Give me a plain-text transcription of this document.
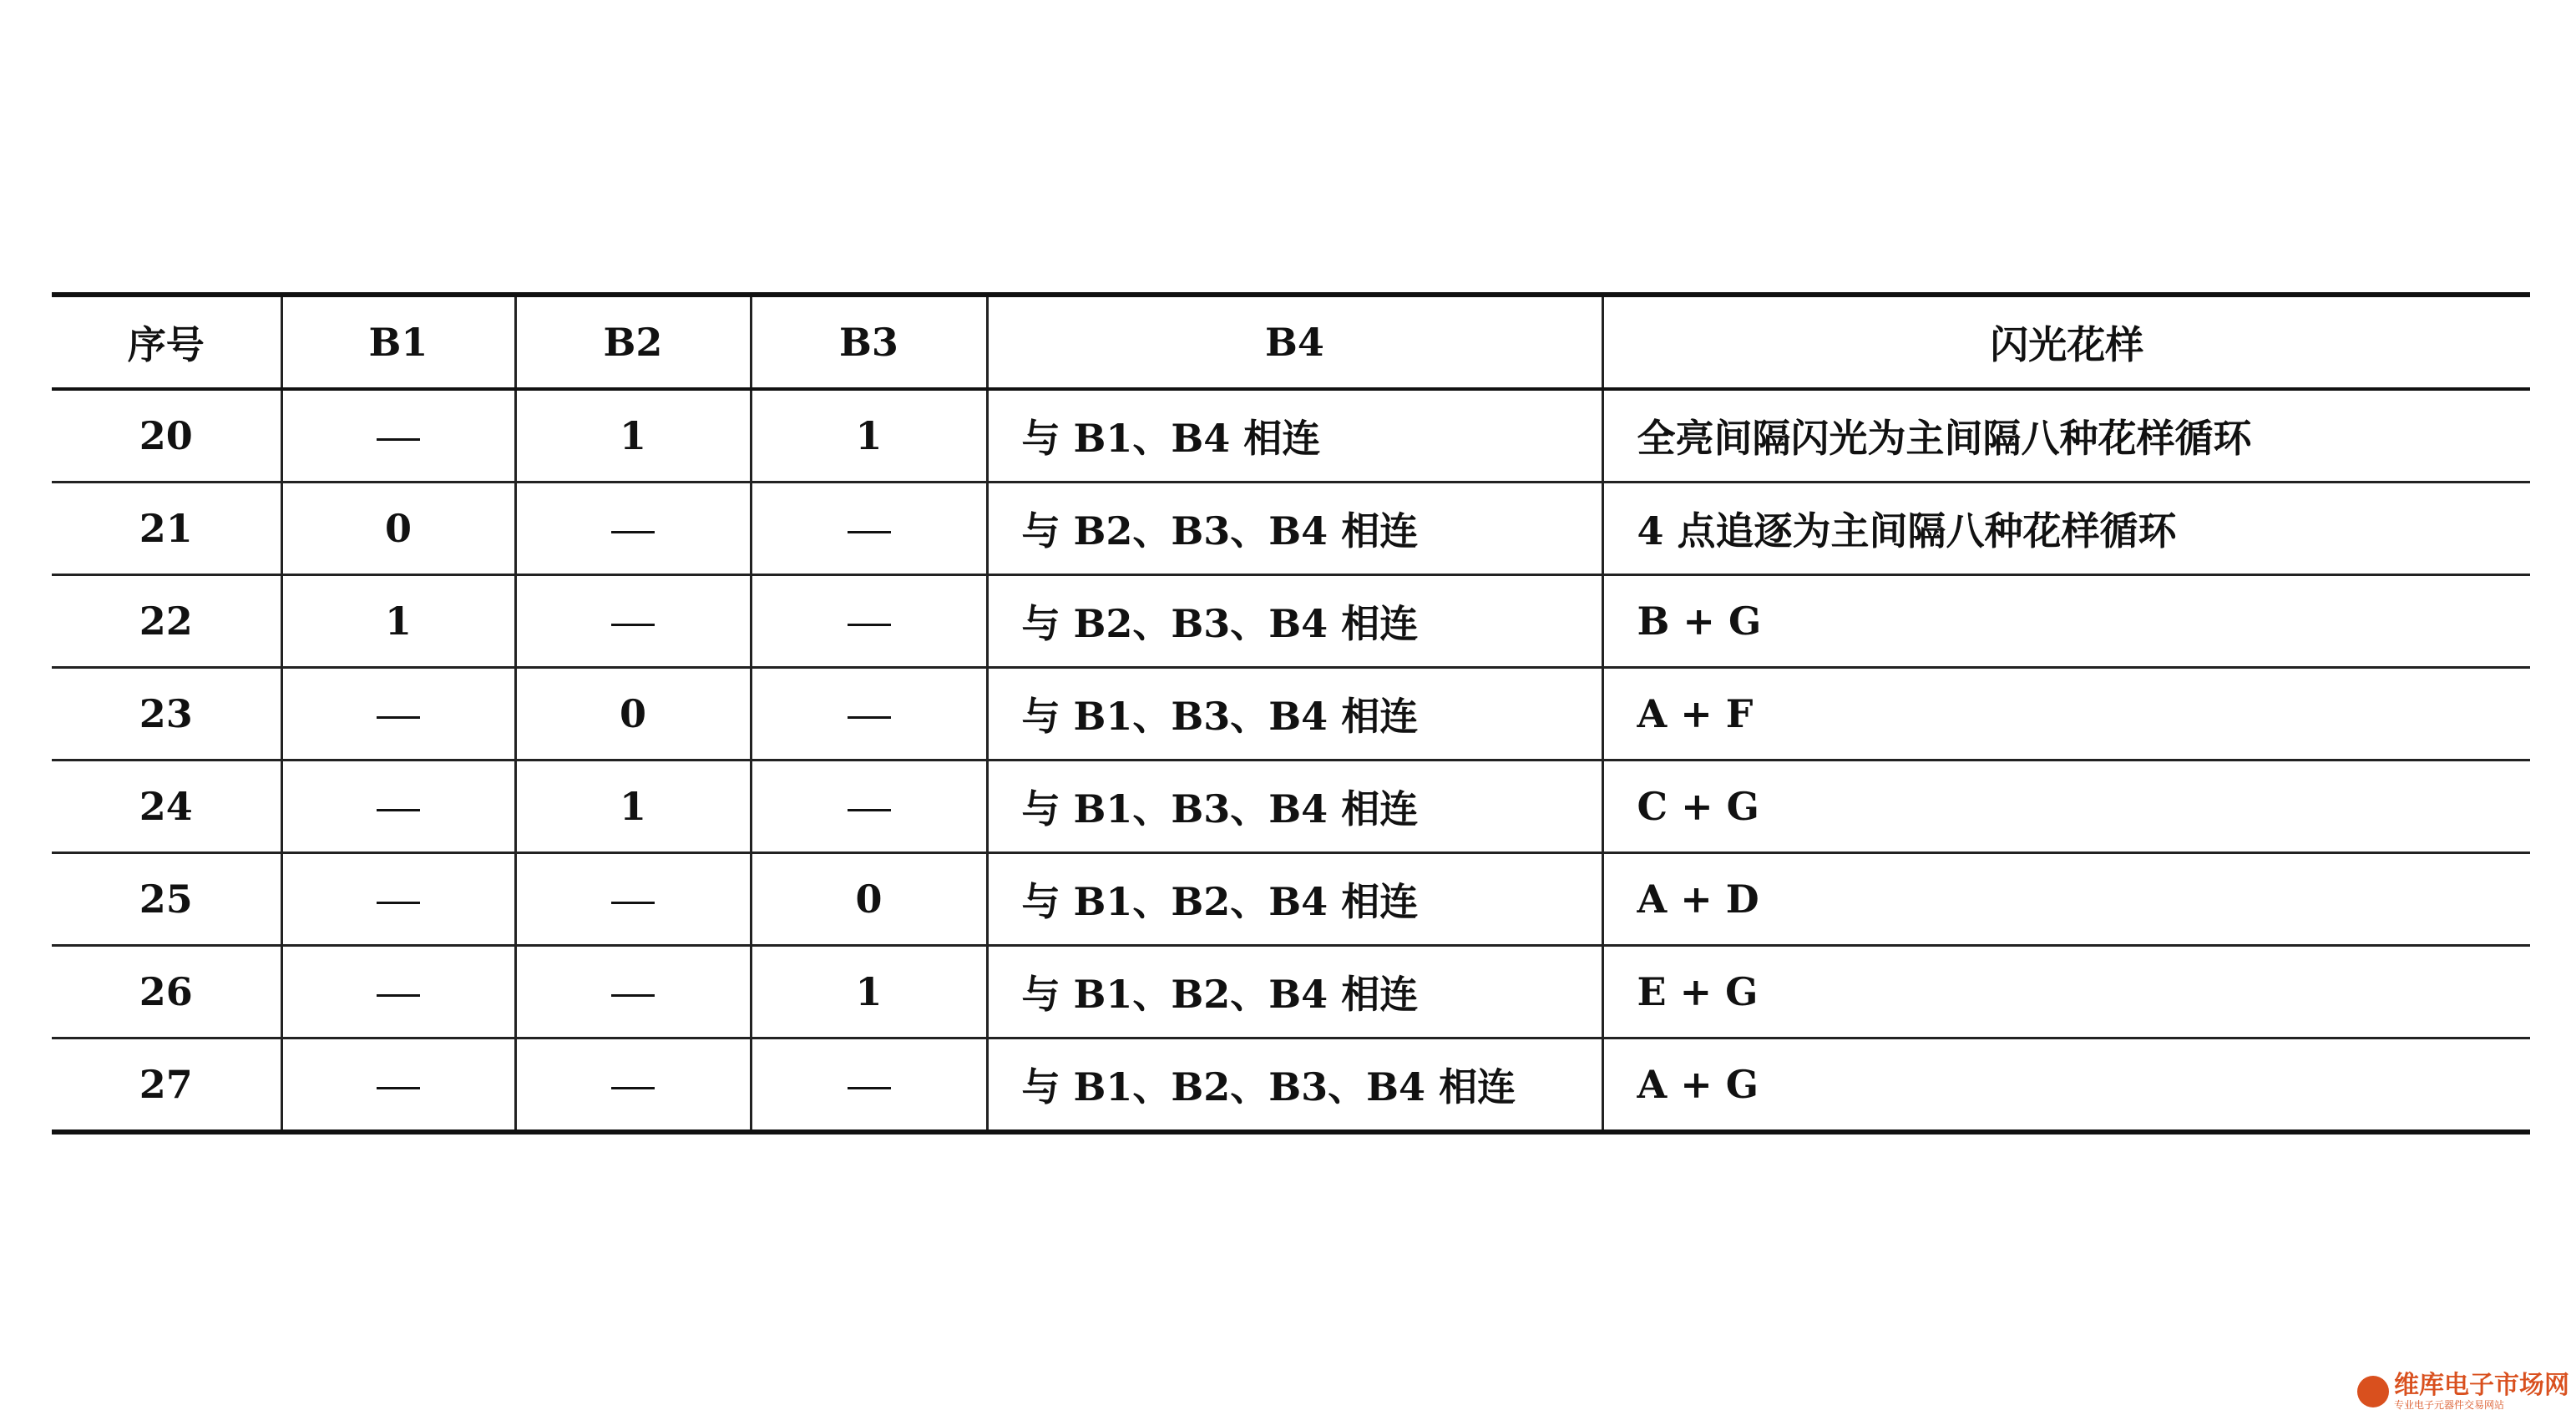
序号	B1	B2	B3	B4	闪光花样
20		1	1	与 B1、B4 相连	全亮间隔闪光为主间隔八种花样循环
21	0			与 B2、B3、B4 相连	4 点追逐为主间隔八种花样循环
22	1			与 B2、B3、B4 相连	B + G
23		0		与 B1、B3、B4 相连	A + F
24		1		与 B1、B3、B4 相连	C + G
25			0	与 B1、B2、B4 相连	A + D
26			1	与 B1、B2、B4 相连	E + G
27				与 B1、B2、B3、B4 相连	A + G
维库电子市场网
专业电子元器件交易网站
